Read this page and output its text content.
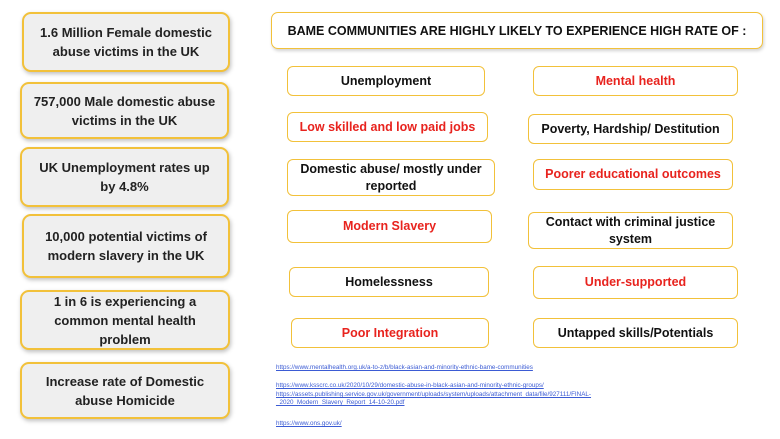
1.6 Million Female domestic abuse victims in the UK
757,000 Male domestic abuse victims in the UK
UK Unemployment rates up by 4.8%
10,000 potential victims of modern slavery in the UK
1 in 6 is experiencing a common mental health problem
Increase rate of Domestic abuse Homicide
BAME COMMUNITIES ARE HIGHLY LIKELY TO EXPERIENCE HIGH RATE OF :
Unemployment	Mental health
Low skilled and low paid jobs	Poverty, Hardship/ Destitution
Domestic abuse/ mostly under reported
Poorer educational outcomes
Modern Slavery	Contact with criminal justice system
Homelessness	Under-supported
Poor Integration	Untapped skills/Potentials
https://www.mentalhealth.org.uk/a-to-z/b/black-asian-and-minority-ethnic-bame-communities
https://www.ksscrc.co.uk/2020/10/29/domestic-abuse-in-black-asian-and-minority-ethnic-groups/
https://assets.publishing.service.gov.uk/government/uploads/system/uploads/attachment_data/file/927111/FINAL-
_2020_Modern_Slavery_Report_14-10-20.pdf
https://www.ons.gov.uk/
